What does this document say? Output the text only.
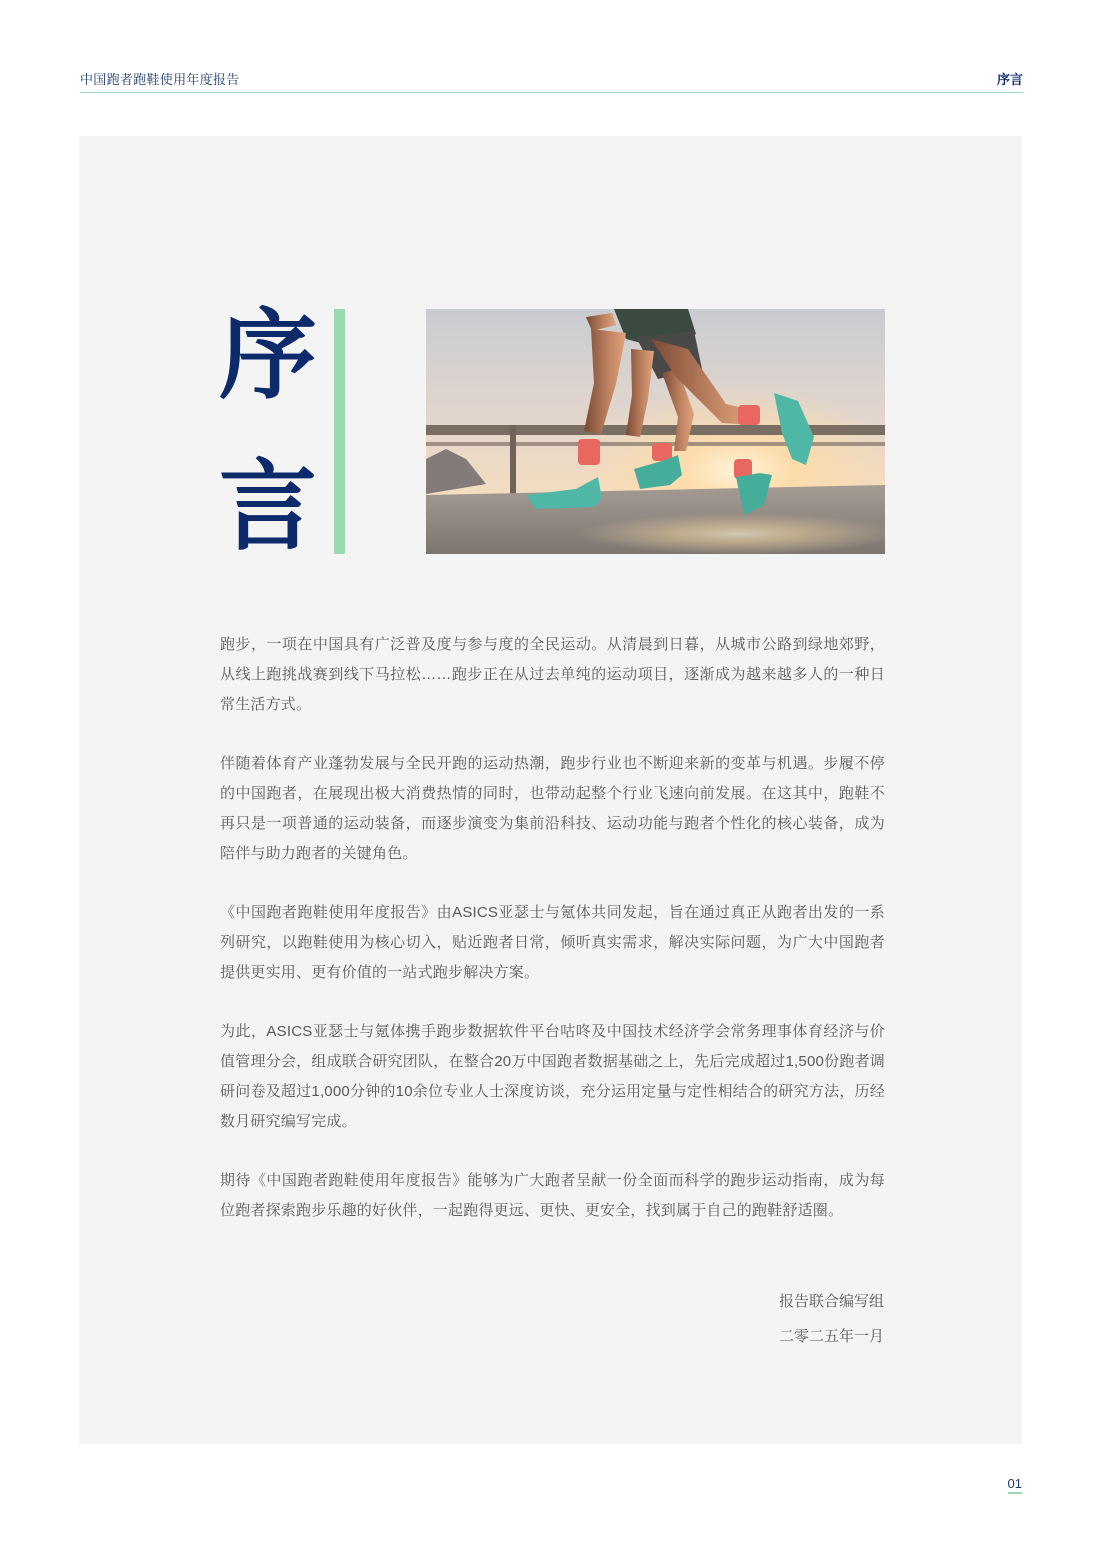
中国跑者跑鞋使用年度报告	序言
序
言

跑步，一项在中国具有广泛普及度与参与度的全民运动。从清晨到日暮，从城市公路到绿地郊野，从线上跑挑战赛到线下马拉松……跑步正在从过去单纯的运动项目，逐渐成为越来越多人的一种日常生活方式。

伴随着体育产业蓬勃发展与全民开跑的运动热潮，跑步行业也不断迎来新的变革与机遇。步履不停的中国跑者，在展现出极大消费热情的同时，也带动起整个行业飞速向前发展。在这其中，跑鞋不再只是一项普通的运动装备，而逐步演变为集前沿科技、运动功能与跑者个性化的核心装备，成为陪伴与助力跑者的关键角色。

《中国跑者跑鞋使用年度报告》由ASICS亚瑟士与氪体共同发起，旨在通过真正从跑者出发的一系列研究，以跑鞋使用为核心切入，贴近跑者日常，倾听真实需求，解决实际问题，为广大中国跑者提供更实用、更有价值的一站式跑步解决方案。

为此，ASICS亚瑟士与氪体携手跑步数据软件平台咕咚及中国技术经济学会常务理事体育经济与价值管理分会，组成联合研究团队，在整合20万中国跑者数据基础之上，先后完成超过1,500份跑者调研问卷及超过1,000分钟的10余位专业人士深度访谈，充分运用定量与定性相结合的研究方法，历经数月研究编写完成。

期待《中国跑者跑鞋使用年度报告》能够为广大跑者呈献一份全面而科学的跑步运动指南，成为每位跑者探索跑步乐趣的好伙伴，一起跑得更远、更快、更安全，找到属于自己的跑鞋舒适圈。

报告联合编写组
二零二五年一月
01
